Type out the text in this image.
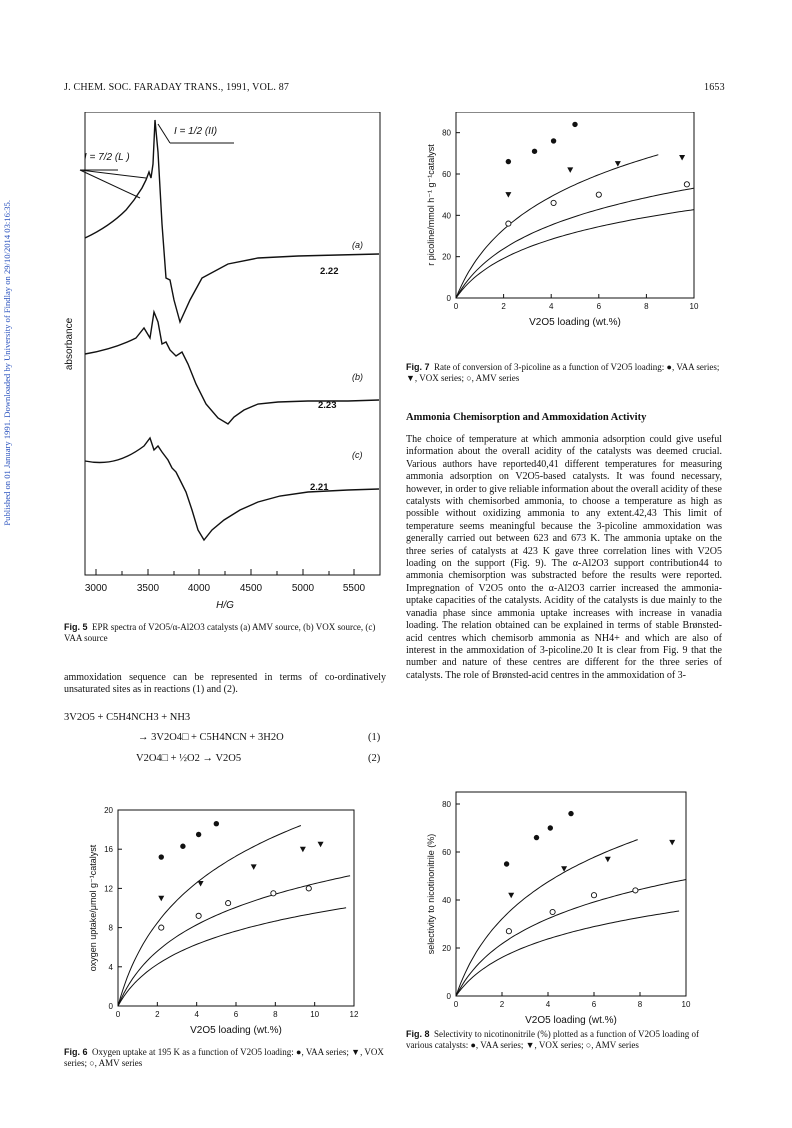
J. CHEM. SOC. FARADAY TRANS., 1991, VOL. 87	1653
Published on 01 January 1991. Downloaded by University of Findlay on 29/10/2014 03:16:35.
I = 7/2 (L )
I = 1/2 (II)
(a)
2.22
(b)
2.23
(c)
2.21
3000	3500	4000	4500	5000	5500
H/G
absorbance
Fig. 5 EPR spectra of V2O5/α-Al2O3 catalysts (a) AMV source, (b) VOX source, (c) VAA source
ammoxidation sequence can be represented in terms of co-ordinatively unsaturated sites as in reactions (1) and (2).
3V2O5 + C5H4NCH3 + NH3
→ 3V2O4□ + C5H4NCN + 3H2O	(1)
V2O4□ + ½O2 → V2O5	(2)
0	2	4	6	8	10
0
20
40
60
80
V2O5 loading (wt.%)
r picoline/mmol h⁻¹ g⁻¹catalyst
Fig. 7 Rate of conversion of 3-picoline as a function of V2O5 loading: ●, VAA series; ▼, VOX series; ○, AMV series
Ammonia Chemisorption and Ammoxidation Activity

The choice of temperature at which ammonia adsorption could give useful information about the overall acidity of the catalysts was deemed crucial. Various authors have reported40,41 different temperatures for measuring ammonia adsorption on V2O5-based catalysts. It was found necessary, however, in order to give reliable information about the overall acidity of these catalysts with chemisorbed ammonia, to choose a temperature as high as possible without oxidizing ammonia to any extent.42,43 This limit of temperature seems meaningful because the 3-picoline ammoxidation was generally carried out between 623 and 673 K. The ammonia uptake on the three series of catalysts at 423 K gave three correlation lines with V2O5 loading on the support (Fig. 9). The α-Al2O3 support contribution44 to ammonia chemisorption was substracted before the results were reported. Impregnation of V2O5 onto the α-Al2O3 carrier increased the ammonia-uptake capacities of the catalysts. Acidity of the catalysts is due mainly to the vanadia phase since ammonia uptake increases with increase in vanadia loading. The relation obtained can be explained in terms of stable Brønsted-acid centres which chemisorb ammonia as NH4+ and which are also of interest in the ammoxidation of 3-picoline.20 It is clear from Fig. 9 that the number and nature of these centres are different for the three series of catalysts. The role of Brønsted-acid centres in the ammoxidation of 3-

0	2	4	6	8	10	12
0
4
8
12
16
20
V2O5 loading (wt.%)
oxygen uptake/μmol g⁻¹catalyst
Fig. 6 Oxygen uptake at 195 K as a function of V2O5 loading: ●, VAA series; ▼, VOX series; ○, AMV series
0	2	4	6	8	10
0
20
40
60
80
V2O5 loading (wt.%)
selectivity to nicotinonitrile (%)
Fig. 8 Selectivity to nicotinonitrile (%) plotted as a function of V2O5 loading of various catalysts: ●, VAA series; ▼, VOX series; ○, AMV series
